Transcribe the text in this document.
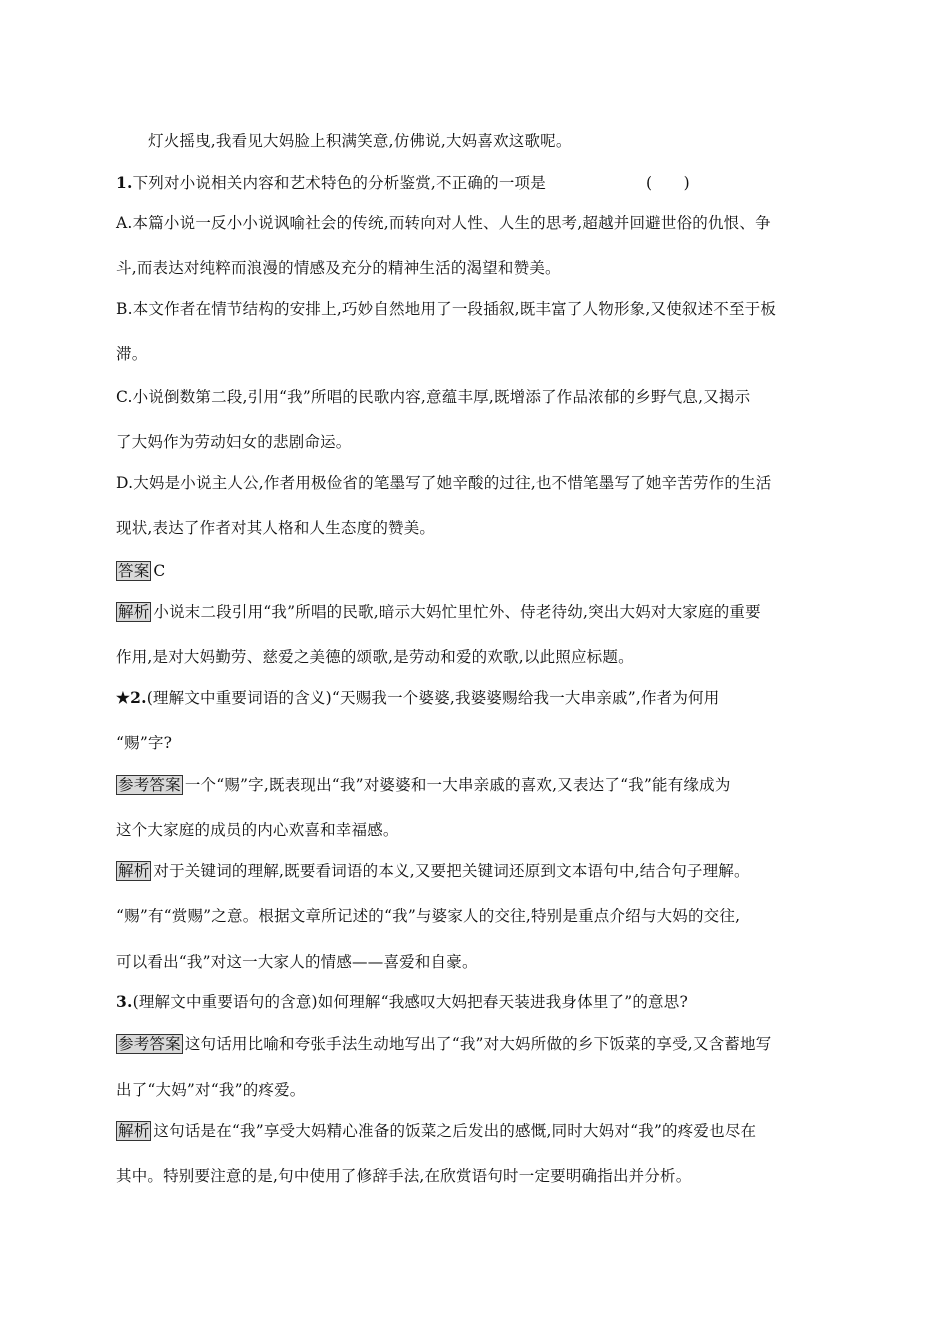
灯火摇曳,我看见大妈脸上积满笑意,仿佛说,大妈喜欢这歌呢。
1.下列对小说相关内容和艺术特色的分析鉴赏,不正确的一项是	(　　)
A.本篇小说一反小小说讽喻社会的传统,而转向对人性、人生的思考,超越并回避世俗的仇恨、争
斗,而表达对纯粹而浪漫的情感及充分的精神生活的渴望和赞美。
B.本文作者在情节结构的安排上,巧妙自然地用了一段插叙,既丰富了人物形象,又使叙述不至于板
滞。
C.小说倒数第二段,引用“我”所唱的民歌内容,意蕴丰厚,既增添了作品浓郁的乡野气息,又揭示
了大妈作为劳动妇女的悲剧命运。
D.大妈是小说主人公,作者用极俭省的笔墨写了她辛酸的过往,也不惜笔墨写了她辛苦劳作的生活
现状,表达了作者对其人格和人生态度的赞美。
答案 C
解析 小说末二段引用“我”所唱的民歌,暗示大妈忙里忙外、侍老待幼,突出大妈对大家庭的重要
作用,是对大妈勤劳、慈爱之美德的颂歌,是劳动和爱的欢歌,以此照应标题。
★2.(理解文中重要词语的含义)“天赐我一个婆婆,我婆婆赐给我一大串亲戚”,作者为何用
“赐”字?
参考答案 一个“赐”字,既表现出“我”对婆婆和一大串亲戚的喜欢,又表达了“我”能有缘成为
这个大家庭的成员的内心欢喜和幸福感。
解析 对于关键词的理解,既要看词语的本义,又要把关键词还原到文本语句中,结合句子理解。
“赐”有“赏赐”之意。根据文章所记述的“我”与婆家人的交往,特别是重点介绍与大妈的交往,
可以看出“我”对这一大家人的情感——喜爱和自豪。
3.(理解文中重要语句的含意)如何理解“我感叹大妈把春天装进我身体里了”的意思?
参考答案 这句话用比喻和夸张手法生动地写出了“我”对大妈所做的乡下饭菜的享受,又含蓄地写
出了“大妈”对“我”的疼爱。
解析 这句话是在“我”享受大妈精心准备的饭菜之后发出的感慨,同时大妈对“我”的疼爱也尽在
其中。特别要注意的是,句中使用了修辞手法,在欣赏语句时一定要明确指出并分析。
